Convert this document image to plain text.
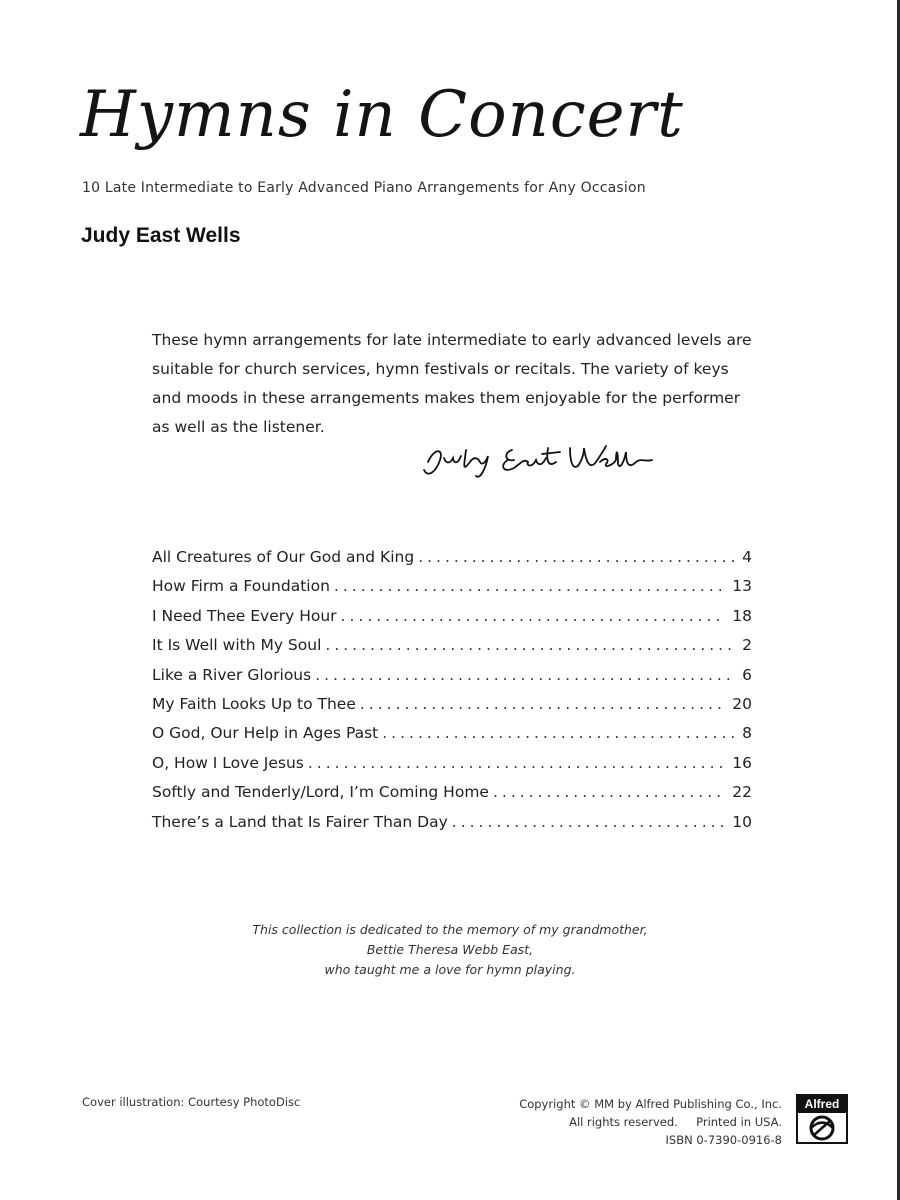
Hymns in Concert
10 Late Intermediate to Early Advanced Piano Arrangements for Any Occasion
Judy East Wells

These hymn arrangements for late intermediate to early advanced levels are suitable for church services, hymn festivals or recitals. The variety of keys and moods in these arrangements makes them enjoyable for the performer as well as the listener.

All Creatures of Our God and King .....	4
How Firm a Foundation .....	13
I Need Thee Every Hour .....	18
It Is Well with My Soul .....	2
Like a River Glorious .....	6
My Faith Looks Up to Thee .....	20
O God, Our Help in Ages Past .....	8
O, How I Love Jesus .....	16
Softly and Tenderly/Lord, I’m Coming Home .....	22
There’s a Land that Is Fairer Than Day .....	10
This collection is dedicated to the memory of my grandmother,
Bettie Theresa Webb East,
who taught me a love for hymn playing.
Cover illustration: Courtesy PhotoDisc	Copyright © MM by Alfred Publishing Co., Inc.
All rights reserved.     Printed in USA.
ISBN 0-7390-0916-8
Alfred
